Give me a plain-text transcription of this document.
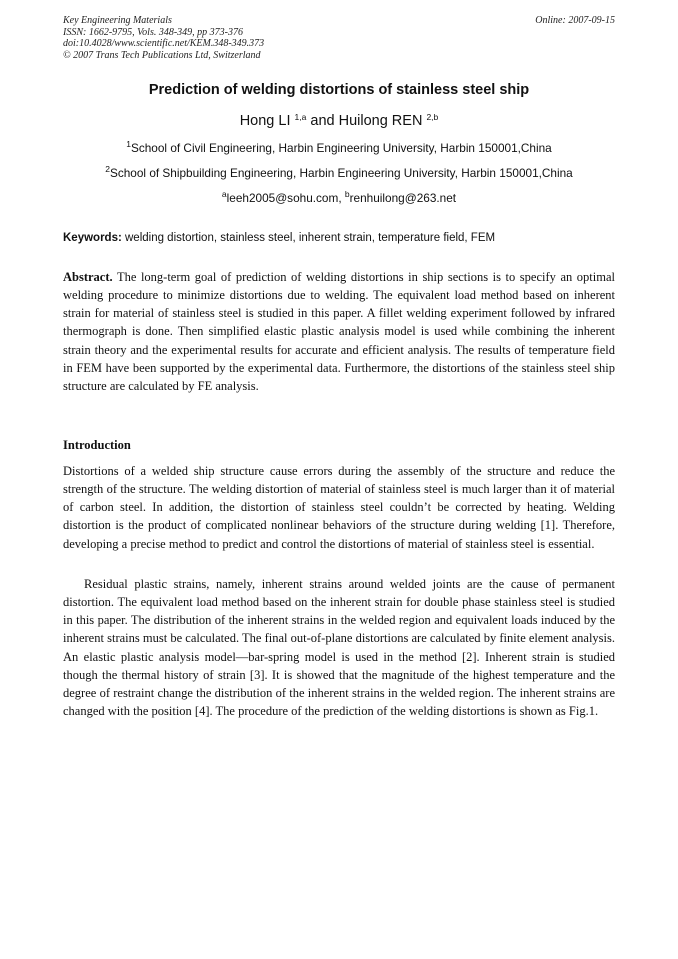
Key Engineering Materials
ISSN: 1662-9795, Vols. 348-349, pp 373-376
doi:10.4028/www.scientific.net/KEM.348-349.373
© 2007 Trans Tech Publications Ltd, Switzerland
Online: 2007-09-15
Prediction of welding distortions of stainless steel ship
Hong LI $^{1,a}$ and Huilong REN $^{2,b}$
$^1$School of Civil Engineering, Harbin Engineering University, Harbin 150001,China
$^2$School of Shipbuilding Engineering, Harbin Engineering University, Harbin 150001,China
$^a$leeh2005@sohu.com, $^b$renhuilong@263.net
Keywords: welding distortion, stainless steel, inherent strain, temperature field, FEM

Abstract. The long-term goal of prediction of welding distortions in ship sections is to specify an optimal welding procedure to minimize distortions due to welding. The equivalent load method based on inherent strain for material of stainless steel is studied in this paper. A fillet welding experiment followed by infrared thermograph is done. Then simplified elastic plastic analysis model is used while combining the inherent strain theory and the experimental results for accurate and efficient analysis. The results of temperature field in FEM have been supported by the experimental data. Furthermore, the distortions of the stainless steel ship structure are calculated by FE analysis.

Introduction

Distortions of a welded ship structure cause errors during the assembly of the structure and reduce the strength of the structure. The welding distortion of material of stainless steel is much larger than it of material of carbon steel. In addition, the distortion of stainless steel couldn’t be corrected by heating. Welding distortion is the product of complicated nonlinear behaviors of the structure during welding [1]. Therefore, developing a precise method to predict and control the distortions of material of stainless steel is essential.

Residual plastic strains, namely, inherent strains around welded joints are the cause of permanent distortion. The equivalent load method based on the inherent strain for double phase stainless steel is studied in this paper. The distribution of the inherent strains in the welded region and equivalent loads induced by the inherent strains must be calculated. The final out-of-plane distortions are calculated by finite element analysis. An elastic plastic analysis model—bar-spring model is used in the method [2]. Inherent strain is studied though the thermal history of strain [3]. It is showed that the magnitude of the highest temperature and the degree of restraint change the distribution of the inherent strains in the welded region. The inherent strains are changed with the position [4]. The procedure of the prediction of the welding distortions is shown as Fig.1.
